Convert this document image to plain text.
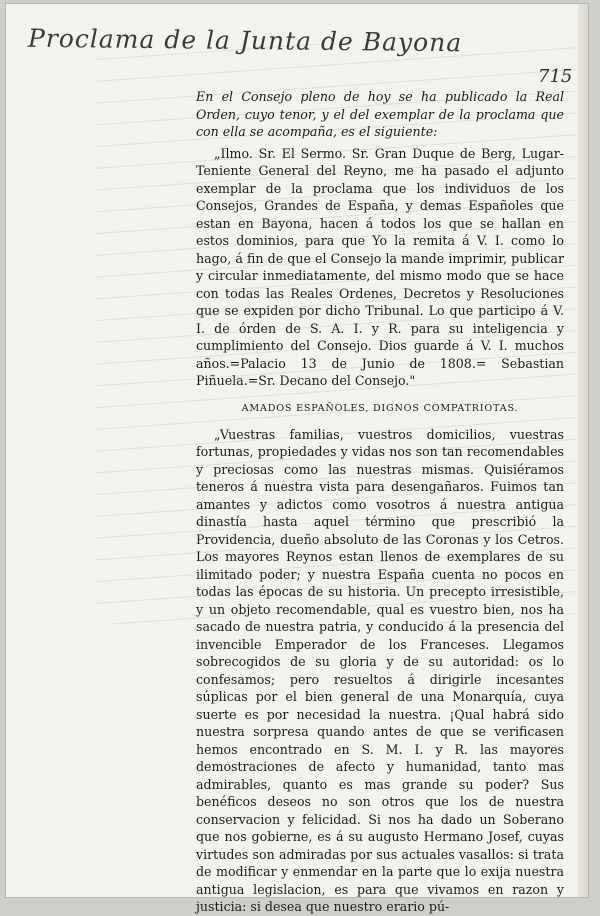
Proclama de la Junta de Bayona
715

En el Consejo pleno de hoy se ha publicado la Real Orden, cuyo tenor, y el del exemplar de la proclama que con ella se acompaña, es el siguiente:

„Ilmo. Sr. El Sermo. Sr. Gran Duque de Berg, Lugar-Teniente General del Reyno, me ha pasado el adjunto exemplar de la proclama que los individuos de los Consejos, Grandes de España, y demas Españoles que estan en Bayona, hacen á todos los que se hallan en estos dominios, para que Yo la remita á V. I. como lo hago, á fin de que el Consejo la mande imprimir, publicar y circular inmediatamente, del mismo modo que se hace con todas las Reales Ordenes, Decretos y Resoluciones que se expiden por dicho Tribunal. Lo que participo á V. I. de órden de S. A. I. y R. para su inteligencia y cumplimiento del Consejo. Dios guarde á V. I. muchos años.=Palacio 13 de Junio de 1808.= Sebastian Piñuela.=Sr. Decano del Consejo."

AMADOS ESPAÑOLES, DIGNOS COMPATRIOTAS.

„Vuestras familias, vuestros domicilios, vuestras fortunas, propiedades y vidas nos son tan recomendables y preciosas como las nuestras mismas. Quisiéramos teneros á nuestra vista para desengañaros. Fuimos tan amantes y adictos como vosotros á nuestra antigua dinastía hasta aquel término que prescribió la Providencia, dueño absoluto de las Coronas y los Cetros. Los mayores Reynos estan llenos de exemplares de su ilimitado poder; y nuestra España cuenta no pocos en todas las épocas de su historia. Un precepto irresistible, y un objeto recomendable, qual es vuestro bien, nos ha sacado de nuestra patria, y conducido á la presencia del invencible Emperador de los Franceses. Llegamos sobrecogidos de su gloria y de su autoridad: os lo confesamos; pero resueltos á dirigirle incesantes súplicas por el bien general de una Monarquía, cuya suerte es por necesidad la nuestra. ¡Qual habrá sido nuestra sorpresa quando antes de que se verificasen hemos encontrado en S. M. I. y R. las mayores demostraciones de afecto y humanidad, tanto mas admirables, quanto es mas grande su poder? Sus benéficos deseos no son otros que los de nuestra conservacion y felicidad. Si nos ha dado un Soberano que nos gobierne, es á su augusto Hermano Josef, cuyas virtudes son admiradas por sus actuales vasallos: si trata de modificar y enmendar en la parte que lo exija nuestra antigua legislacion, es para que vivamos en razon y justicia: si desea que nuestro erario pú-
